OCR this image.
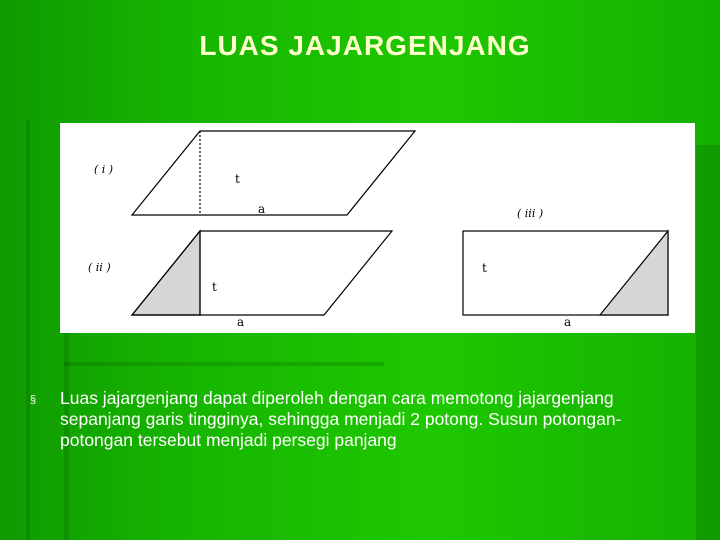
LUAS JAJARGENJANG
( i )
t
a
( ii )
t
a
( iii )
t
a
§ Luas jajargenjang dapat diperoleh dengan cara memotong jajargenjang sepanjang garis tingginya, sehingga menjadi 2 potong. Susun potongan-potongan tersebut menjadi persegi panjang
